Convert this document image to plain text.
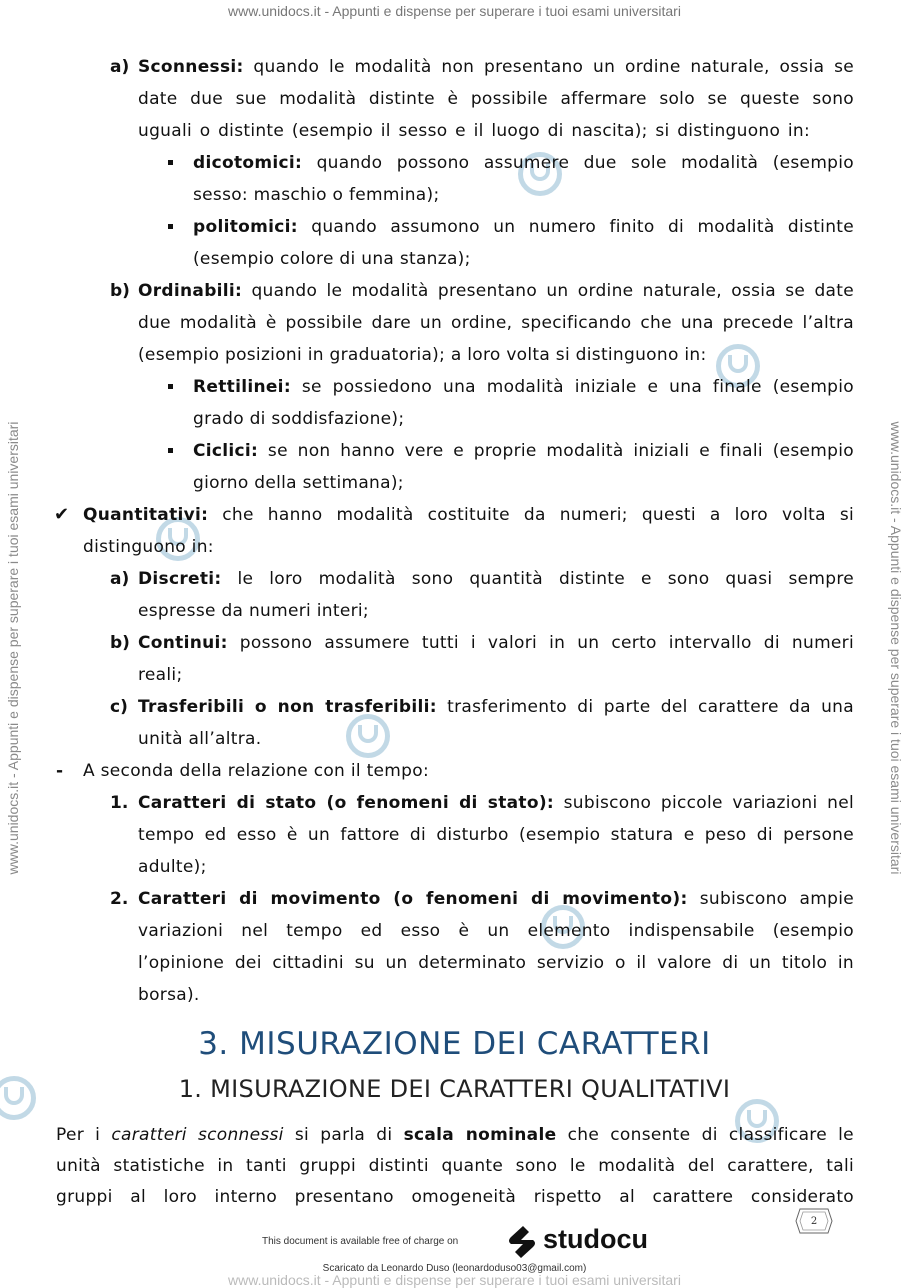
www.unidocs.it - Appunti e dispense per superare i tuoi esami universitari
www.unidocs.it - Appunti e dispense per superare i tuoi esami universitari	www.unidocs.it - Appunti e dispense per superare i tuoi esami universitari
a) Sconnessi: quando le modalità non presentano un ordine naturale, ossia se
date due sue modalità distinte è possibile affermare solo se queste sono
uguali o distinte (esempio il sesso e il luogo di nascita); si distinguono in:
dicotomici: quando possono assumere due sole modalità (esempio
sesso: maschio o femmina);
politomici: quando assumono un numero finito di modalità distinte
(esempio colore di una stanza);
b) Ordinabili: quando le modalità presentano un ordine naturale, ossia se date
due modalità è possibile dare un ordine, specificando che una precede l’altra
(esempio posizioni in graduatoria); a loro volta si distinguono in:
Rettilinei: se possiedono una modalità iniziale e una finale (esempio
grado di soddisfazione);
Ciclici: se non hanno vere e proprie modalità iniziali e finali (esempio
giorno della settimana);
✔ Quantitativi: che hanno modalità costituite da numeri; questi a loro volta si
distinguono in:
a) Discreti: le loro modalità sono quantità distinte e sono quasi sempre
espresse da numeri interi;
b) Continui: possono assumere tutti i valori in un certo intervallo di numeri
reali;
c) Trasferibili o non trasferibili: trasferimento di parte del carattere da una
unità all’altra.
- A seconda della relazione con il tempo:
1. Caratteri di stato (o fenomeni di stato): subiscono piccole variazioni nel
tempo ed esso è un fattore di disturbo (esempio statura e peso di persone
adulte);
2. Caratteri di movimento (o fenomeni di movimento): subiscono ampie
variazioni nel tempo ed esso è un elemento indispensabile (esempio
l’opinione dei cittadini su un determinato servizio o il valore di un titolo in
borsa).
3. MISURAZIONE DEI CARATTERI
1. MISURAZIONE DEI CARATTERI QUALITATIVI
Per i caratteri sconnessi si parla di scala nominale che consente di classificare le
unità statistiche in tanti gruppi distinti quante sono le modalità del carattere, tali
gruppi al loro interno presentano omogeneità rispetto al carattere considerato
2
This document is available free of charge on	studocu
Scaricato da Leonardo Duso (leonardoduso03@gmail.com)
www.unidocs.it - Appunti e dispense per superare i tuoi esami universitari
